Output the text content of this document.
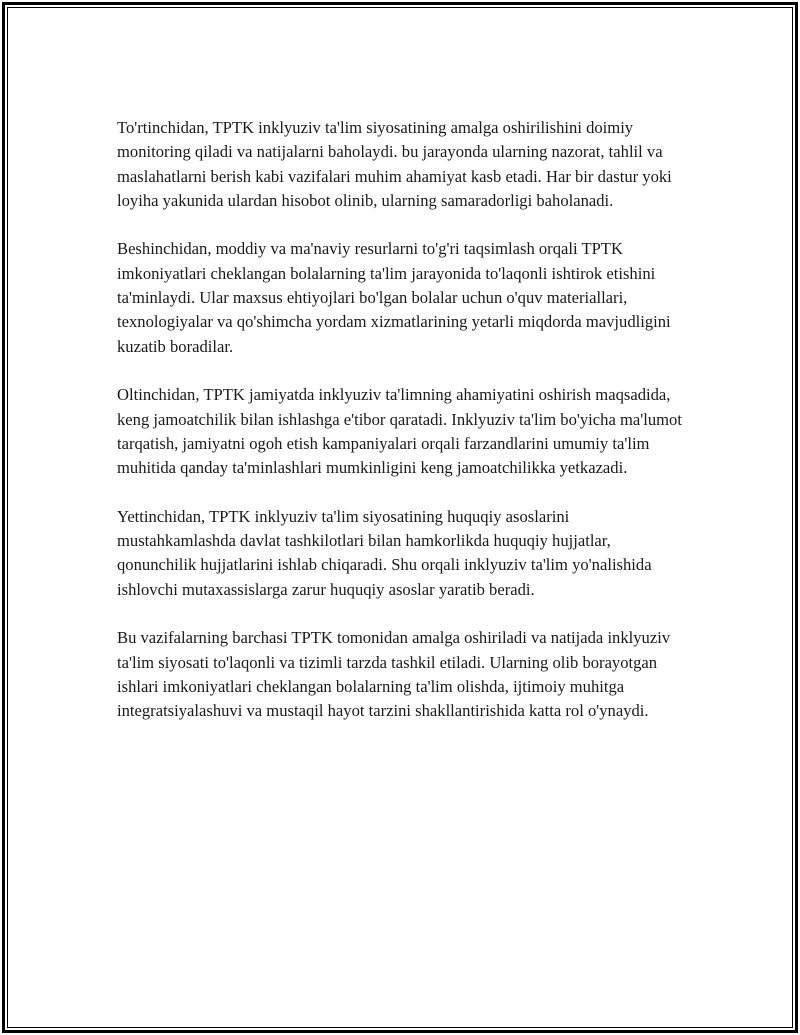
To'rtinchidan, TPTK inklyuziv ta'lim siyosatining amalga oshirilishini doimiy monitoring qiladi va natijalarni baholaydi. bu jarayonda ularning nazorat, tahlil va maslahatlarni berish kabi vazifalari muhim ahamiyat kasb etadi. Har bir dastur yoki loyiha yakunida ulardan hisobot olinib, ularning samaradorligi baholanadi.

Beshinchidan, moddiy va ma'naviy resurlarni to'g'ri taqsimlash orqali TPTK imkoniyatlari cheklangan bolalarning ta'lim jarayonida to'laqonli ishtirok etishini ta'minlaydi. Ular maxsus ehtiyojlari bo'lgan bolalar uchun o'quv materiallari, texnologiyalar va qo'shimcha yordam xizmatlarining yetarli miqdorda mavjudligini kuzatib boradilar.

Oltinchidan, TPTK jamiyatda inklyuziv ta'limning ahamiyatini oshirish maqsadida, keng jamoatchilik bilan ishlashga e'tibor qaratadi. Inklyuziv ta'lim bo'yicha ma'lumot tarqatish, jamiyatni ogoh etish kampaniyalari orqali farzandlarini umumiy ta'lim muhitida qanday ta'minlashlari mumkinligini keng jamoatchilikka yetkazadi.

Yettinchidan, TPTK inklyuziv ta'lim siyosatining huquqiy asoslarini mustahkamlashda davlat tashkilotlari bilan hamkorlikda huquqiy hujjatlar, qonunchilik hujjatlarini ishlab chiqaradi. Shu orqali inklyuziv ta'lim yo'nalishida ishlovchi mutaxassislarga zarur huquqiy asoslar yaratib beradi.

Bu vazifalarning barchasi TPTK tomonidan amalga oshiriladi va natijada inklyuziv ta'lim siyosati to'laqonli va tizimli tarzda tashkil etiladi. Ularning olib borayotgan ishlari imkoniyatlari cheklangan bolalarning ta'lim olishda, ijtimoiy muhitga integratsiyalashuvi va mustaqil hayot tarzini shakllantirishida katta rol o'ynaydi.
